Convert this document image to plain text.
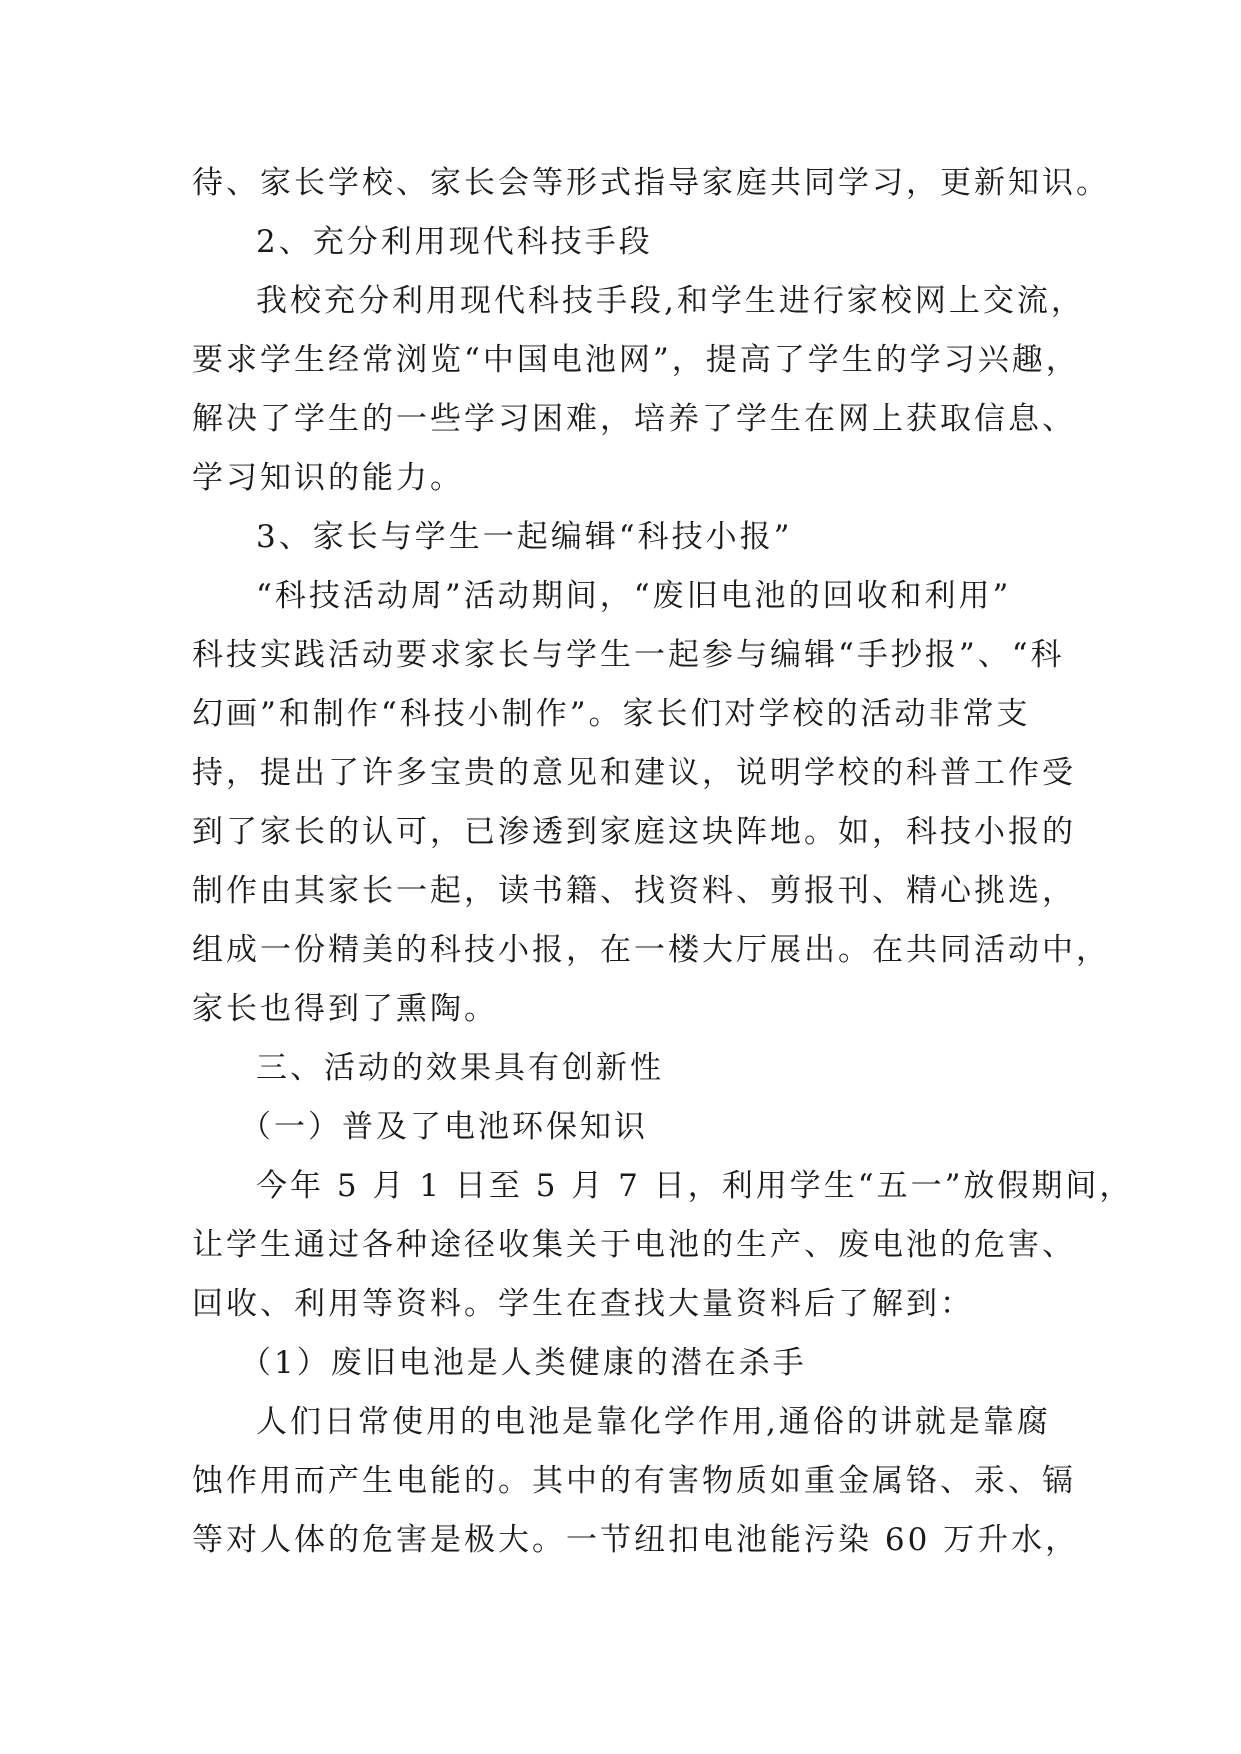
待、家长学校、家长会等形式指导家庭共同学习，更新知识。
2、充分利用现代科技手段
我校充分利用现代科技手段,和学生进行家校网上交流，
要求学生经常浏览“中国电池网”，提高了学生的学习兴趣，
解决了学生的一些学习困难，培养了学生在网上获取信息、
学习知识的能力。
3、家长与学生一起编辑“科技小报”
“科技活动周”活动期间，“废旧电池的回收和利用”
科技实践活动要求家长与学生一起参与编辑“手抄报”、“科
幻画”和制作“科技小制作”。家长们对学校的活动非常支
持，提出了许多宝贵的意见和建议，说明学校的科普工作受
到了家长的认可，已渗透到家庭这块阵地。如，科技小报的
制作由其家长一起，读书籍、找资料、剪报刊、精心挑选，
组成一份精美的科技小报，在一楼大厅展出。在共同活动中，
家长也得到了熏陶。
三、活动的效果具有创新性
（一）普及了电池环保知识
今年 5 月 1 日至 5 月 7 日，利用学生“五一”放假期间，
让学生通过各种途径收集关于电池的生产、废电池的危害、
回收、利用等资料。学生在查找大量资料后了解到：
（1）废旧电池是人类健康的潜在杀手
人们日常使用的电池是靠化学作用,通俗的讲就是靠腐
蚀作用而产生电能的。其中的有害物质如重金属铬、汞、镉
等对人体的危害是极大。一节纽扣电池能污染 60 万升水，
